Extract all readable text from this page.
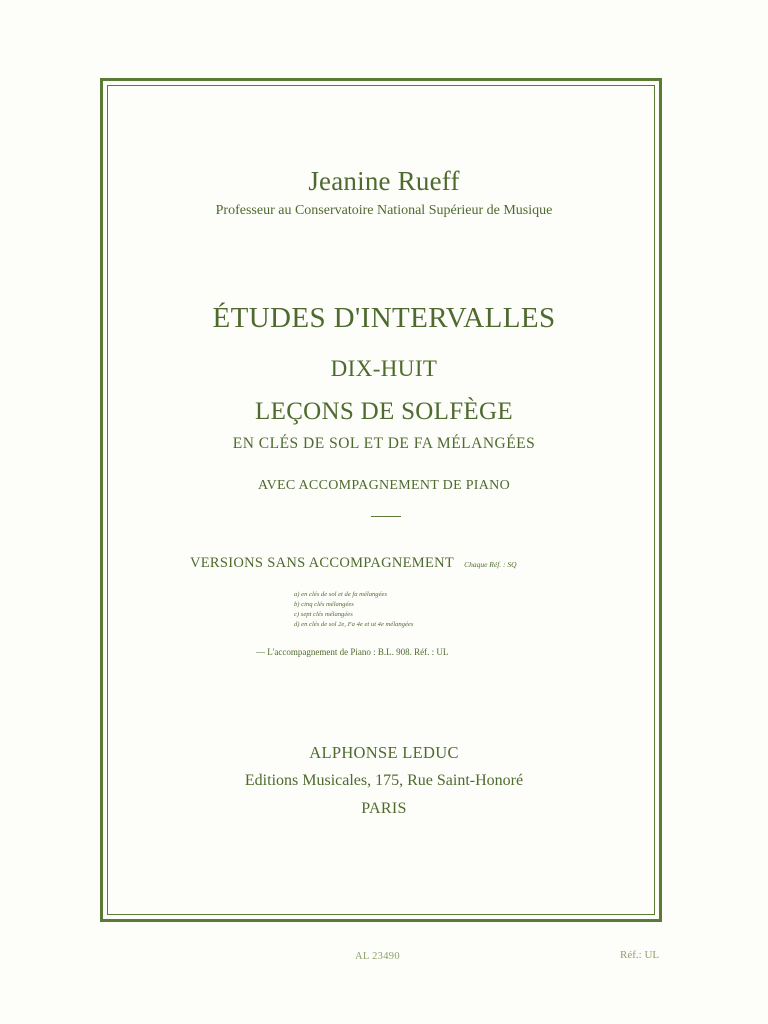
Jeanine Rueff
Professeur au Conservatoire National Supérieur de Musique
ÉTUDES D'INTERVALLES
DIX-HUIT
LEÇONS DE SOLFÈGE
EN CLÉS DE SOL ET DE FA MÉLANGÉES
AVEC ACCOMPAGNEMENT DE PIANO
VERSIONS SANS ACCOMPAGNEMENT Chaque Réf. : SQ
a) en clés de sol et de fa mélangées
b) cinq clés mélangées
c) sept clés mélangées
d) en clés de sol 2e, Fa 4e et ut 4e mélangées
— L'accompagnement de Piano : B.L. 908. Réf. : UL
ALPHONSE LEDUC
Editions Musicales, 175, Rue Saint-Honoré
PARIS
AL 23490	Réf.: UL
